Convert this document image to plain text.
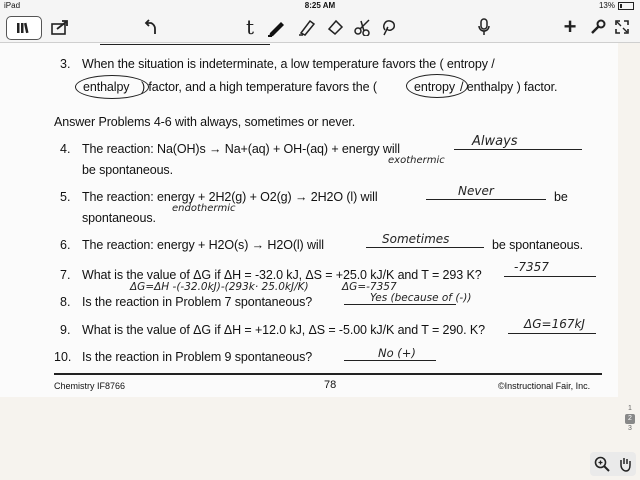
iPad	8:25 AM	13%
t	+
3. When the situation is indeterminate, a low temperature favors the ( entropy /
enthalpy ) factor, and a high temperature favors the (	entropy / enthalpy ) factor.
Answer Problems 4-6 with always, sometimes or never.
4. The reaction: Na(OH)s → Na+(aq) + OH-(aq) + energy will	Always
exothermic
be spontaneous.
5. The reaction: energy + 2H2(g) + O2(g) → 2H2O (l) will	Never	be
endothermic
spontaneous.
6. The reaction: energy + H2O(s) → H2O(l) will	Sometimes	be spontaneous.
7. What is the value of ΔG if ΔH = -32.0 kJ, ΔS = +25.0 kJ/K and T = 293 K?
-7357
ΔG=ΔH -(-32.0kJ)-(293k· 25.0kJ/K)	ΔG=-7357
8. Is the reaction in Problem 7 spontaneous?	Yes (because of (-))
9. What is the value of ΔG if ΔH = +12.0 kJ, ΔS = -5.00 kJ/K and T = 290. K?	ΔG=167kJ
10. Is the reaction in Problem 9 spontaneous?	No (+)
Chemistry IF8766	78	©Instructional Fair, Inc.
1
2
3
